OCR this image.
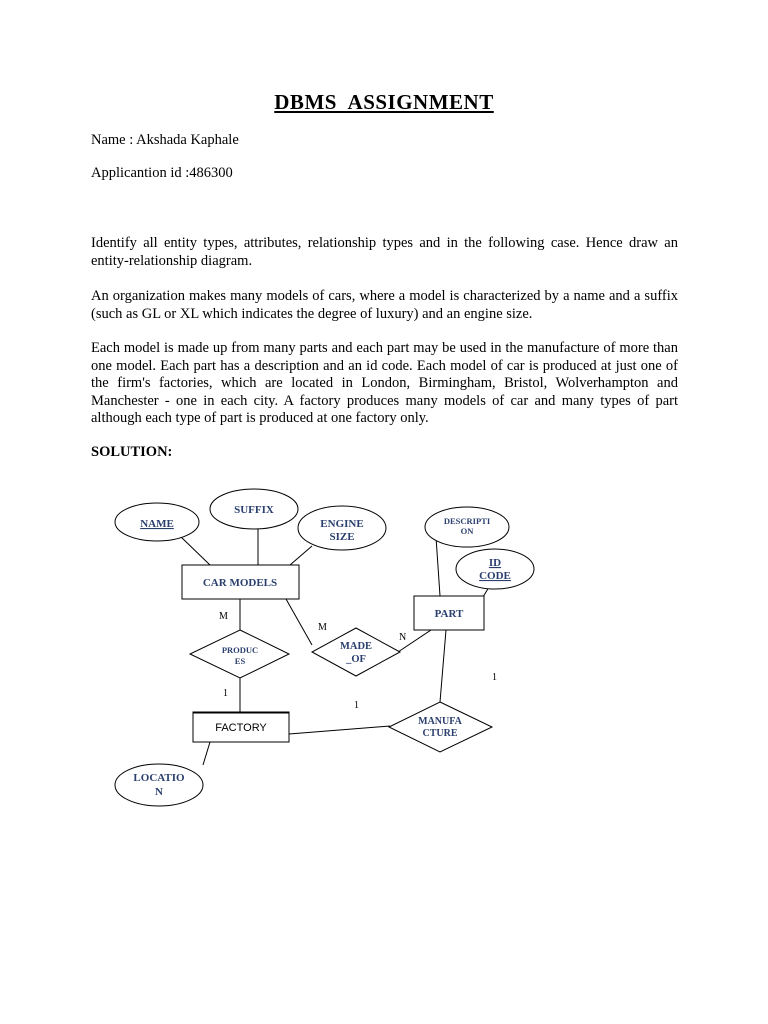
DBMS ASSIGNMENT
Name : Akshada Kaphale
Applicantion id :486300

Identify all entity types, attributes, relationship types and in the following case. Hence draw an entity-relationship diagram.

An organization makes many models of cars, where a model is characterized by a name and a suffix (such as GL or XL which indicates the degree of luxury) and an engine size.

Each model is made up from many parts and each part may be used in the manufacture of more than one model. Each part has a description and an id code. Each model of car is produced at just one of the firm's factories, which are located in London, Birmingham, Bristol, Wolverhampton and Manchester - one in each city. A factory produces many models of car and many types of part although each type of part is produced at one factory only.

SOLUTION:
NAME
SUFFIX
ENGINE
SIZE
DESCRIPTI
ON
ID
CODE
LOCATIO
N
CAR MODELS
PART
FACTORY
PRODUC
ES
MADE
_OF
MANUFA
CTURE
M
1
M
N
1
1
